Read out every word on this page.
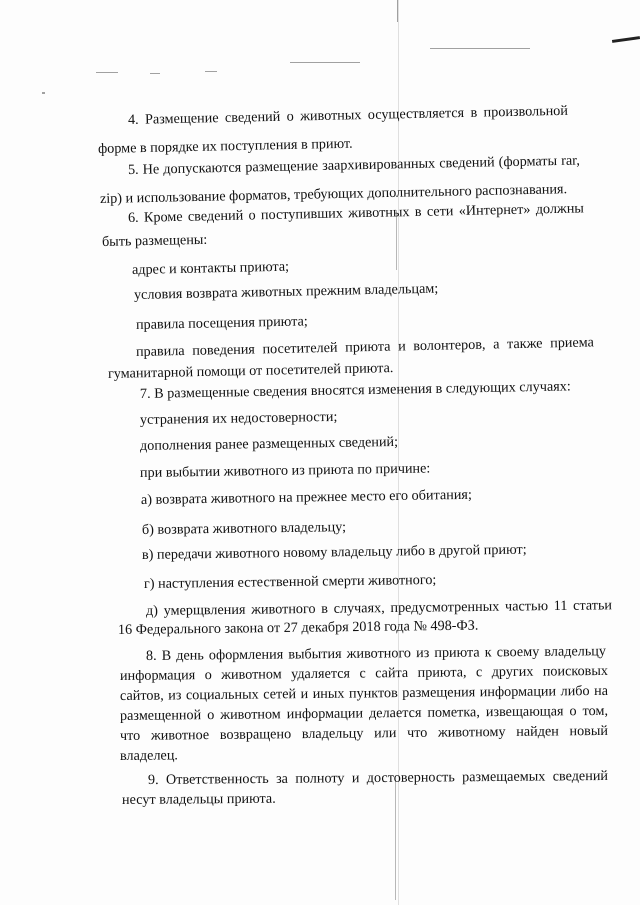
4. Размещение сведений о животных осуществляется в произвольной
форме в порядке их поступления в приют.
5. Не допускаются размещение заархивированных сведений (форматы rar,
zip) и использование форматов, требующих дополнительного распознавания.
6. Кроме сведений о поступивших животных в сети «Интернет» должны
быть размещены:
адрес и контакты приюта;
условия возврата животных прежним владельцам;
правила посещения приюта;
правила поведения посетителей приюта и волонтеров, а также приема
гуманитарной помощи от посетителей приюта.
7. В размещенные сведения вносятся изменения в следующих случаях:
устранения их недостоверности;
дополнения ранее размещенных сведений;
при выбытии животного из приюта по причине:
а) возврата животного на прежнее место его обитания;
б) возврата животного владельцу;
в) передачи животного новому владельцу либо в другой приют;
г) наступления естественной смерти животного;
д) умерщвления животного в случаях, предусмотренных частью 11 статьи
16 Федерального закона от 27 декабря 2018 года № 498-ФЗ.
8. В день оформления выбытия животного из приюта к своему владельцу
информация о животном удаляется с сайта приюта, с других поисковых
сайтов, из социальных сетей и иных пунктов размещения информации либо на
размещенной о животном информации делается пометка, извещающая о том,
что животное возвращено владельцу или что животному найден новый
владелец.
9. Ответственность за полноту и достоверность размещаемых сведений
несут владельцы приюта.
